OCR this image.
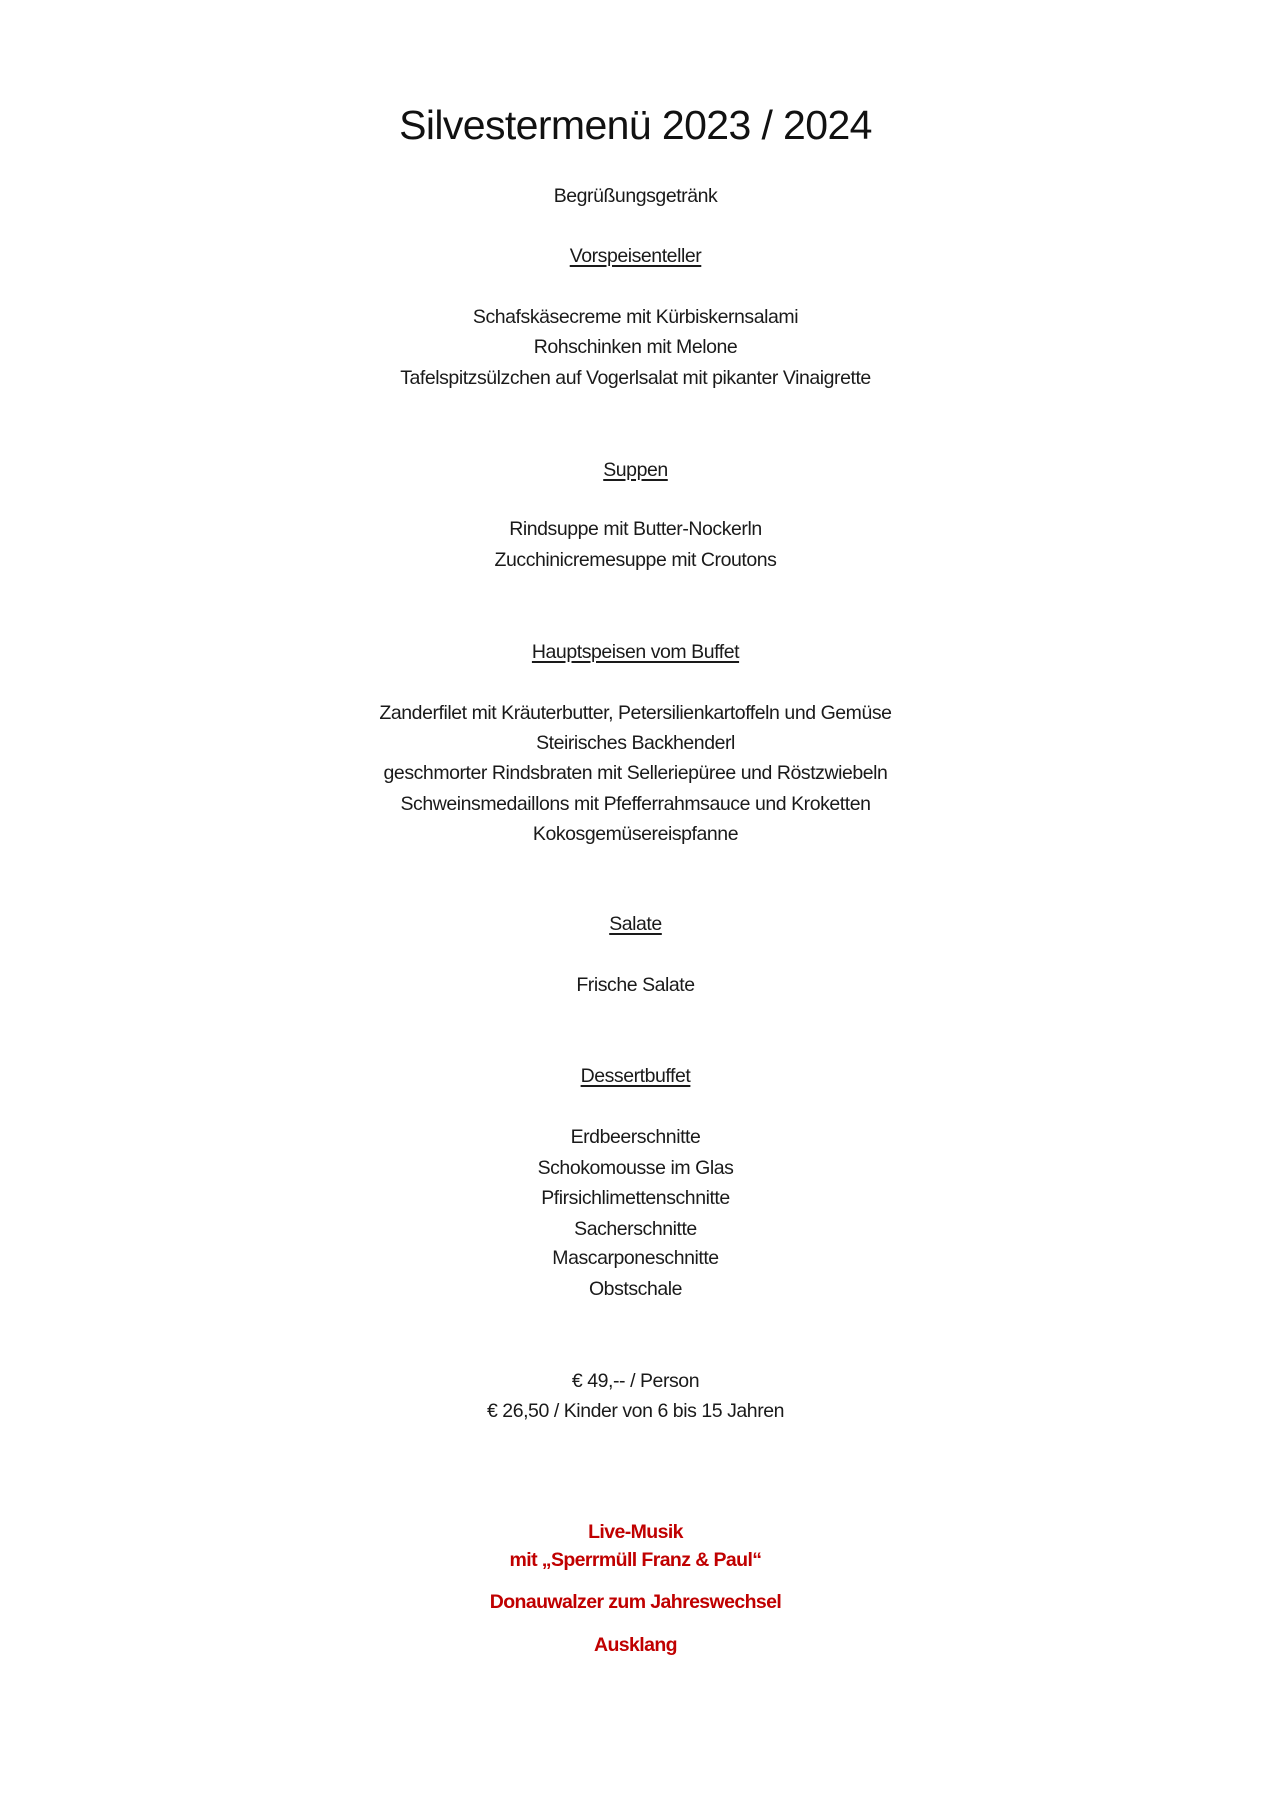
Silvestermenü 2023 / 2024
Begrüßungsgetränk
Vorspeisenteller
Schafskäsecreme mit Kürbiskernsalami
Rohschinken mit Melone
Tafelspitzsülzchen auf Vogerlsalat mit pikanter Vinaigrette
Suppen
Rindsuppe mit Butter-Nockerln
Zucchinicremesuppe mit Croutons
Hauptspeisen vom Buffet
Zanderfilet mit Kräuterbutter, Petersilienkartoffeln und Gemüse
Steirisches Backhenderl
geschmorter Rindsbraten mit Selleriepüree und Röstzwiebeln
Schweinsmedaillons mit Pfefferrahmsauce und Kroketten
Kokosgemüsereispfanne
Salate
Frische Salate
Dessertbuffet
Erdbeerschnitte
Schokomousse im Glas
Pfirsichlimettenschnitte
Sacherschnitte
Mascarponeschnitte
Obstschale
€ 49,-- / Person
€ 26,50 / Kinder von 6 bis 15 Jahren
Live-Musik
mit „Sperrmüll Franz & Paul“
Donauwalzer zum Jahreswechsel
Ausklang
